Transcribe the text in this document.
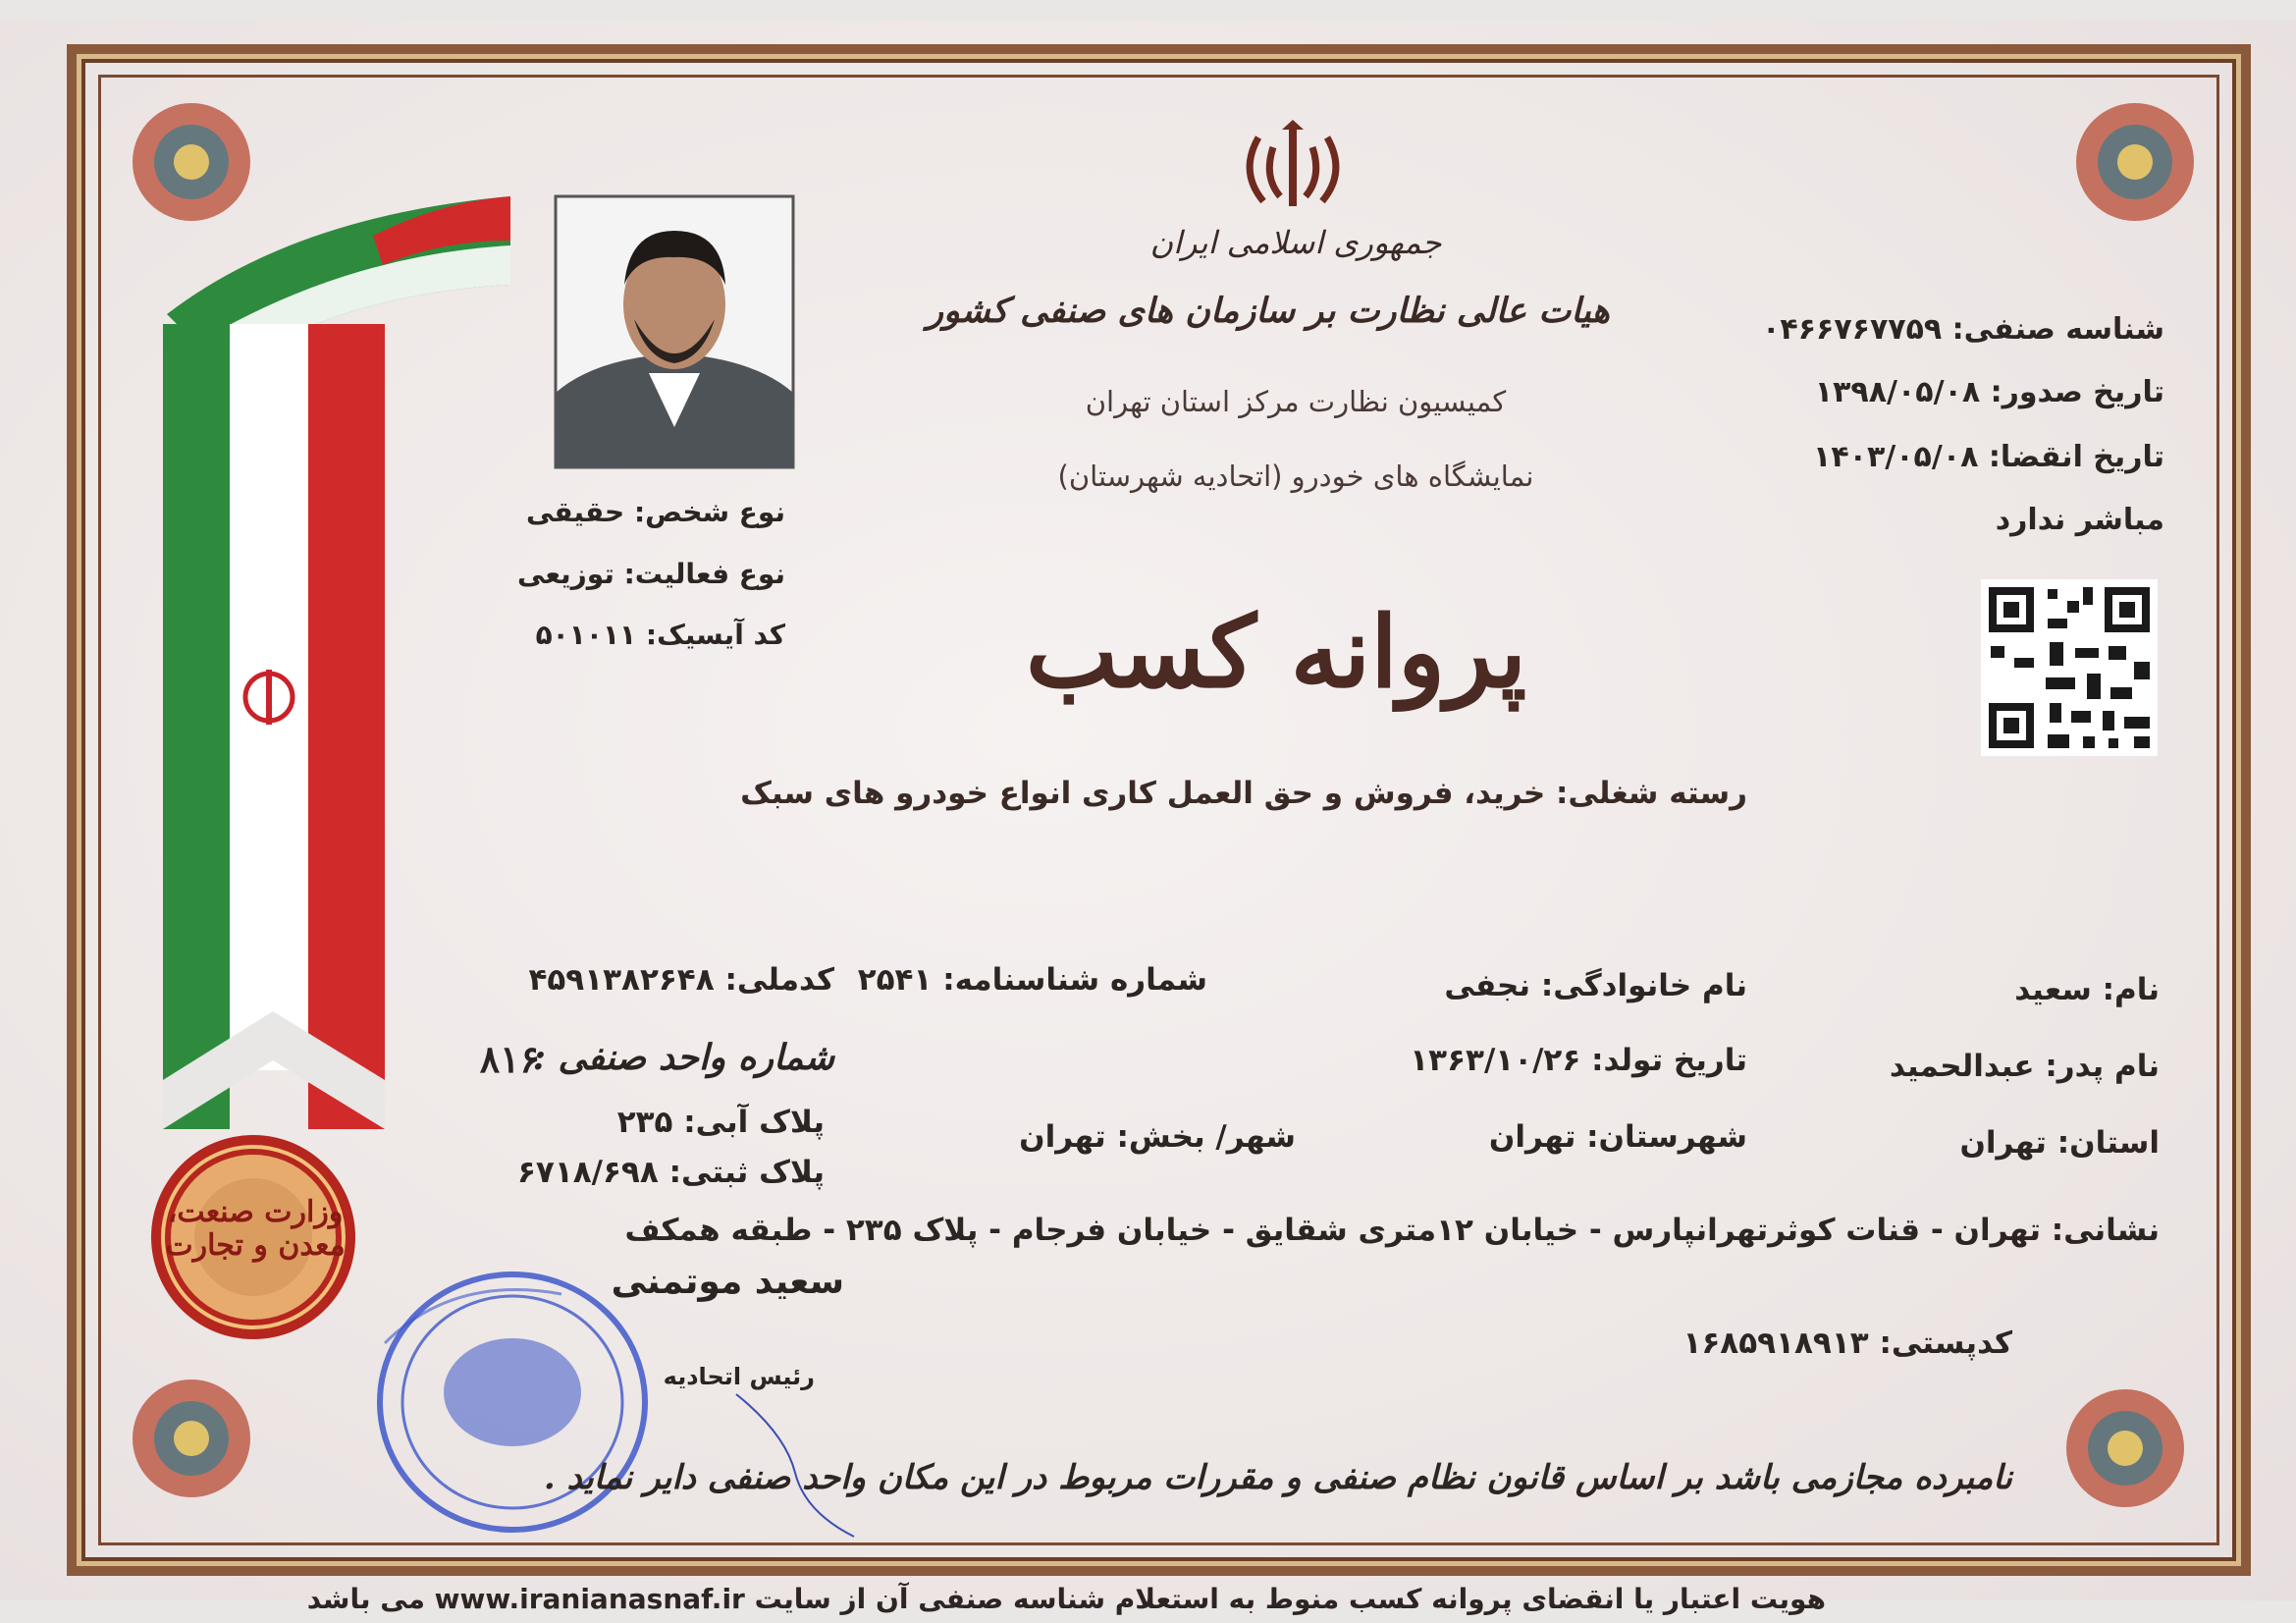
وزارت صنعت، معدن و تجارت
جمهوری اسلامی ایران
هیات عالی نظارت بر سازمان های صنفی کشور
کمیسیون نظارت مرکز استان تهران
نمایشگاه های خودرو (اتحادیه شهرستان)
پروانه کسب
رسته شغلی: خرید، فروش و حق العمل کاری انواع خودرو های سبک
شناسه صنفی: ۰۴۶۶۷۶۷۷۵۹
تاریخ صدور: ۱۳۹۸/۰۵/۰۸
تاریخ انقضا: ۱۴۰۳/۰۵/۰۸
مباشر ندارد
نوع شخص: حقیقی
نوع فعالیت: توزیعی
کد آیسیک: ۵۰۱۰۱۱
نام: سعید
نام خانوادگی: نجفی
شماره شناسنامه: ۲۵۴۱
کدملی: ۴۵۹۱۳۸۲۶۴۸
نام پدر: عبدالحمید
تاریخ تولد: ۱۳۶۳/۱۰/۲۶
شماره واحد صنفی :
۸۱۶
استان: تهران
شهرستان: تهران
شهر/ بخش: تهران
پلاک آبی: ۲۳۵
پلاک ثبتی: ۶۷۱۸/۶۹۸
نشانی: تهران - قنات کوثرتهرانپارس - خیابان ۱۲متری شقایق - خیابان فرجام - پلاک ۲۳۵ - طبقه همکف
کدپستی: ۱۶۸۵۹۱۸۹۱۳
سعید موتمنی
رئیس اتحادیه
نامبرده مجازمی باشد بر اساس قانون نظام صنفی و مقررات مربوط در این مکان واحد صنفی دایر نماید .
هویت اعتبار یا انقضای پروانه کسب منوط به استعلام شناسه صنفی آن از سایت www.iranianasnaf.ir می باشد
